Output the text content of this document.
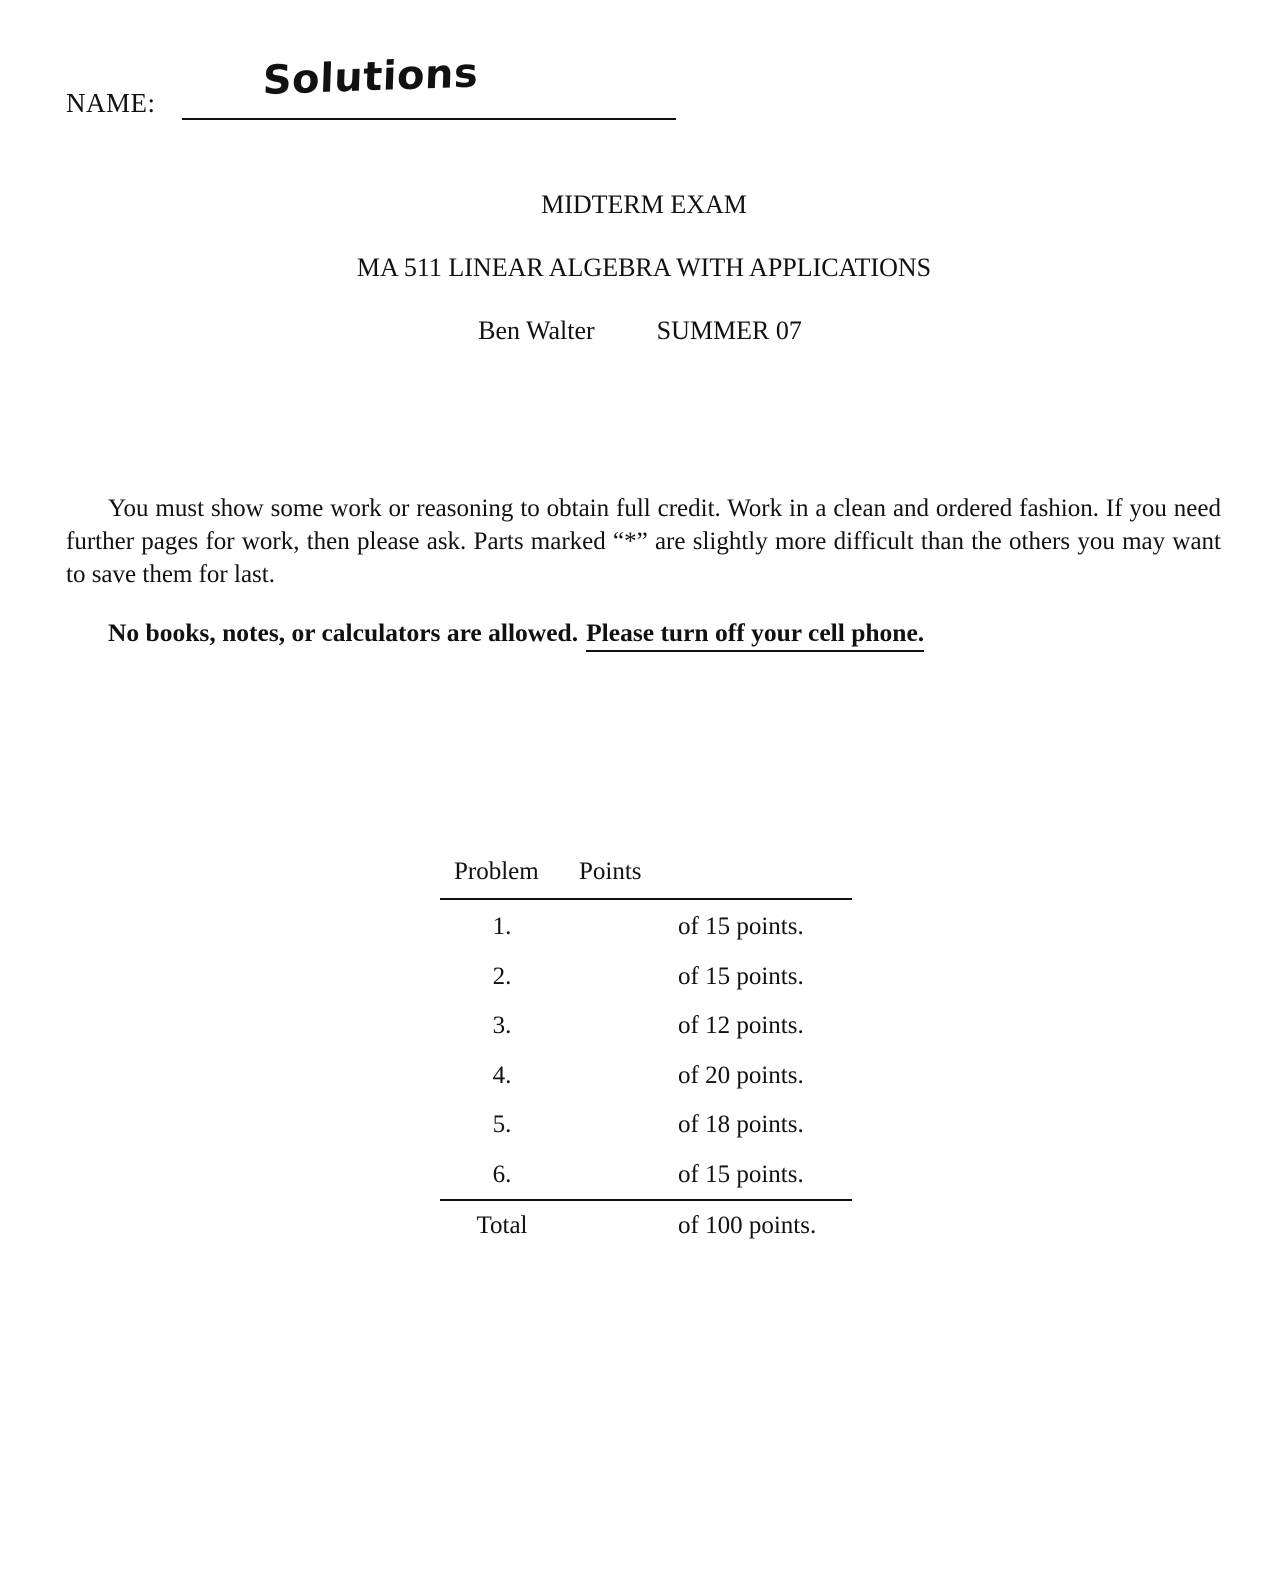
NAME:	Solutions
MIDTERM EXAM
MA 511 LINEAR ALGEBRA WITH APPLICATIONS
Ben Walter SUMMER 07

You must show some work or reasoning to obtain full credit. Work in a clean and ordered fashion. If you need further pages for work, then please ask. Parts marked “*” are slightly more difficult than the others you may want to save them for last.

No books, notes, or calculators are allowed. Please turn off your cell phone.
Problem Points
1.	of 15 points.
2.	of 15 points.
3.	of 12 points.
4.	of 20 points.
5.	of 18 points.
6.	of 15 points.
Total	of 100 points.
